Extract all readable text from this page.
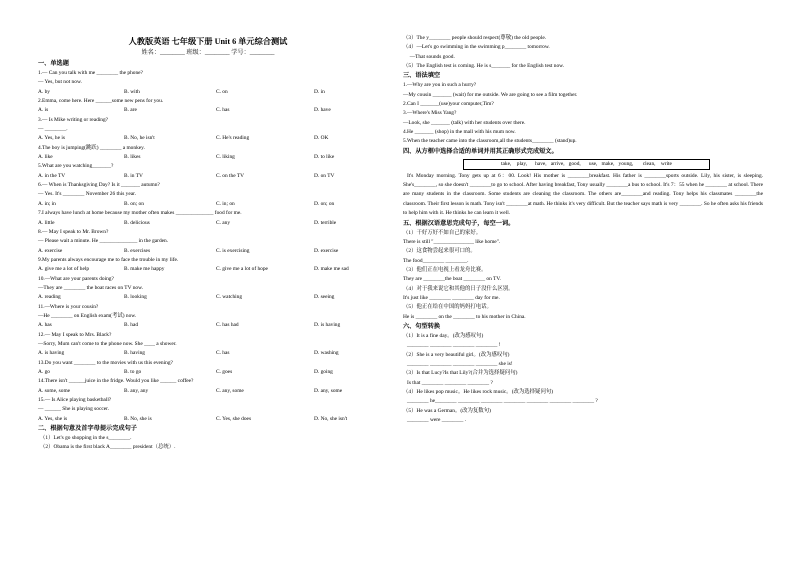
人教版英语 七年级下册 Unit 6 单元综合测试
姓名：________ 班级：________ 学号：________
一、单选题
1.— Can you talk with me ________ the phone?
— Yes, but not now.
A. by	B. with	C. on	D. in
2.Emma, come here. Here ______some new pens for you.
A. is	B. are	C. has	D. have
3.— Is Mike writing or reading?
— ________.
A. Yes, he is	B. No, he isn't	C. He's reading	D. OK
4.The boy is jumping(跳跃) ________ a monkey.
A. like	B. likes	C. liking	D. to like
5.What are you watching_______?
A. in the TV	B. in TV	C. on the TV	D. on TV
6.— When is Thanksgiving Day? Is it _______ autumn?
— Yes. It's ________ November 26 this year.
A. in; in	B. on; on	C. in; on	D. on; on
7.I always have lunch at home because my mother often makes ______________ food for me.
A. little	B. delicious	C. any	D. terrible
8.— May I speak to Mr. Brown?
— Please wait a minute. He ______________ in the garden.
A. exercise	B. exercises	C. is exercising	D. exercise
9.My parents always encourage me to face the trouble in my life.
A. give me a lot of help	B. make me happy	C. give me a lot of hope	D. make me sad
10.—What are your parents doing?
—They are ________ the boat races on TV now.
A. reading	B. looking	C. watching	D. seeing
11.—Where is your cousin?
—He ________ on English exam(考试) now.
A. has	B. had	C. has had	D. is having
12.— May I speak to Mrs. Black?
—Sorry, Mum can't come to the phone now. She ____ a shower.
A. is having	B. having	C. has	D. washing
13.Do you want ________ to the movies with us this evening?
A. go	B. to go	C. goes	D. going
14.There isn't ______juice in the fridge. Would you like ______ coffee?
A. some, some	B. any, any	C. any, some	D. any, some
15.— Is Alice playing basketball?
— ______ She is playing soccer.
A. Yes, she is	B. No, she is	C. Yes, she does	D. No, she isn't
二、根据句意及首字母提示完成句子
（1）Let's go shopping in the s________.
（2）Obama is the first black A________ president（总统）.
（3）The y________ people should respect(尊敬) the old people.
（4）—Let's go swimming in the swimming p________ tomorrow.
—That sounds good.
（5）The English test is coming. He is s_______ for the English test now.
三、语法填空
1.—Why are you in such a hurry?
—My cousin _______ (wait) for me outside. We are going to see a film together.
2.Can I _______(use)your computer,Tim?
3.—Where's Miss Yang?
—Look, she _______ (talk) with her students over there.
4.He _______ (shop) in the mall with his mum now.
5.When the teacher came into the classroom,all the students________ (stand)up.
四、从方框中选择合适的单词并用其正确形式完成短文。
take,    play,      have,   arrive,   good,      use,   make,   young,       clean,    write
It's Monday morning. Tony gets up at 6：00. Look! His mother is ________breakfast. His father is ________sports outside. Lily, his sister, is sleeping. She's________, so she doesn't ________to go to school. After having breakfast, Tony usually ________a bus to school. It's 7：55 when he ________ at school. There are many students in the classroom. Some students are cleaning the classroom. The others are________and reading. Tony helps his classmates ________the classroom. Their first lesson is math. Tony isn't ________at math. He thinks it's very difficult. But the teacher says math is very ________. So he often asks his friends to help him with it. He thinks he can learn it well.
五、根据汉语意思完成句子，每空一词。
（1）干好万好不如自己的家好。
There is still "_______________ like home".
（2）这食物尝起来很可口的。
The food________ ________.
（3）他们正在电视上看龙舟比赛。
They are ________the boat ________ on TV.
（4）对于我来说它和其他的日子没什么区别。
It's just like ________ ________ day for me.
（5）他正在给在中国的妈妈打电话。
He is ________ on the ________ to his mother in China.
六、句型转换
（1）It is a fine day。(改为感叹句)
________ ________ ________ ________ !
（2）She is a very beautiful girl。(改为感叹句)
________ ________ ________ ________ she is!
（3）Is that Lucy?Is that Lily?(合并为选择疑问句)
Is that ________ ________ ________ ?
（4）He likes pop music。He likes rock music。(改为选择疑问句)
________ he________ ________ ________ ________ ________ ________ ________ ?
（5）He was a German。(改为复数句)
________ were ________ .
